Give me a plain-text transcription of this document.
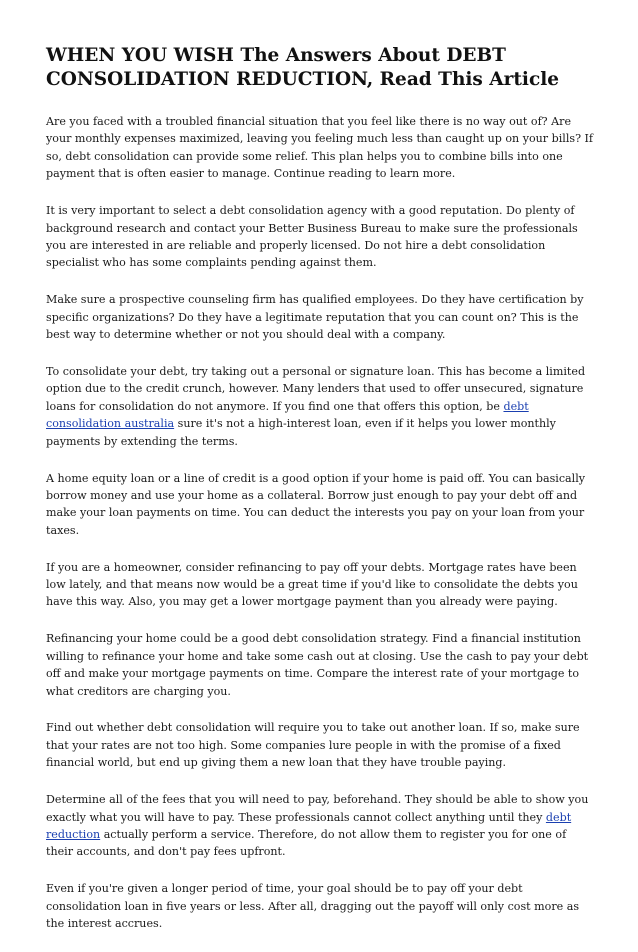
WHEN YOU WISH The Answers About DEBT CONSOLIDATION REDUCTION, Read This Article

Are you faced with a troubled financial situation that you feel like there is no way out of? Are your monthly expenses maximized, leaving you feeling much less than caught up on your bills? If so, debt consolidation can provide some relief. This plan helps you to combine bills into one payment that is often easier to manage. Continue reading to learn more.

It is very important to select a debt consolidation agency with a good reputation. Do plenty of background research and contact your Better Business Bureau to make sure the professionals you are interested in are reliable and properly licensed. Do not hire a debt consolidation specialist who has some complaints pending against them.

Make sure a prospective counseling firm has qualified employees. Do they have certification by specific organizations? Do they have a legitimate reputation that you can count on? This is the best way to determine whether or not you should deal with a company.

To consolidate your debt, try taking out a personal or signature loan. This has become a limited option due to the credit crunch, however. Many lenders that used to offer unsecured, signature loans for consolidation do not anymore. If you find one that offers this option, be debt consolidation australia sure it's not a high-interest loan, even if it helps you lower monthly payments by extending the terms.

A home equity loan or a line of credit is a good option if your home is paid off. You can basically borrow money and use your home as a collateral. Borrow just enough to pay your debt off and make your loan payments on time. You can deduct the interests you pay on your loan from your taxes.

If you are a homeowner, consider refinancing to pay off your debts. Mortgage rates have been low lately, and that means now would be a great time if you'd like to consolidate the debts you have this way. Also, you may get a lower mortgage payment than you already were paying.

Refinancing your home could be a good debt consolidation strategy. Find a financial institution willing to refinance your home and take some cash out at closing. Use the cash to pay your debt off and make your mortgage payments on time. Compare the interest rate of your mortgage to what creditors are charging you.

Find out whether debt consolidation will require you to take out another loan. If so, make sure that your rates are not too high. Some companies lure people in with the promise of a fixed financial world, but end up giving them a new loan that they have trouble paying.

Determine all of the fees that you will need to pay, beforehand. They should be able to show you exactly what you will have to pay. These professionals cannot collect anything until they debt reduction actually perform a service. Therefore, do not allow them to register you for one of their accounts, and don't pay fees upfront.

Even if you're given a longer period of time, your goal should be to pay off your debt consolidation loan in five years or less. After all, dragging out the payoff will only cost more as the interest accrues.
